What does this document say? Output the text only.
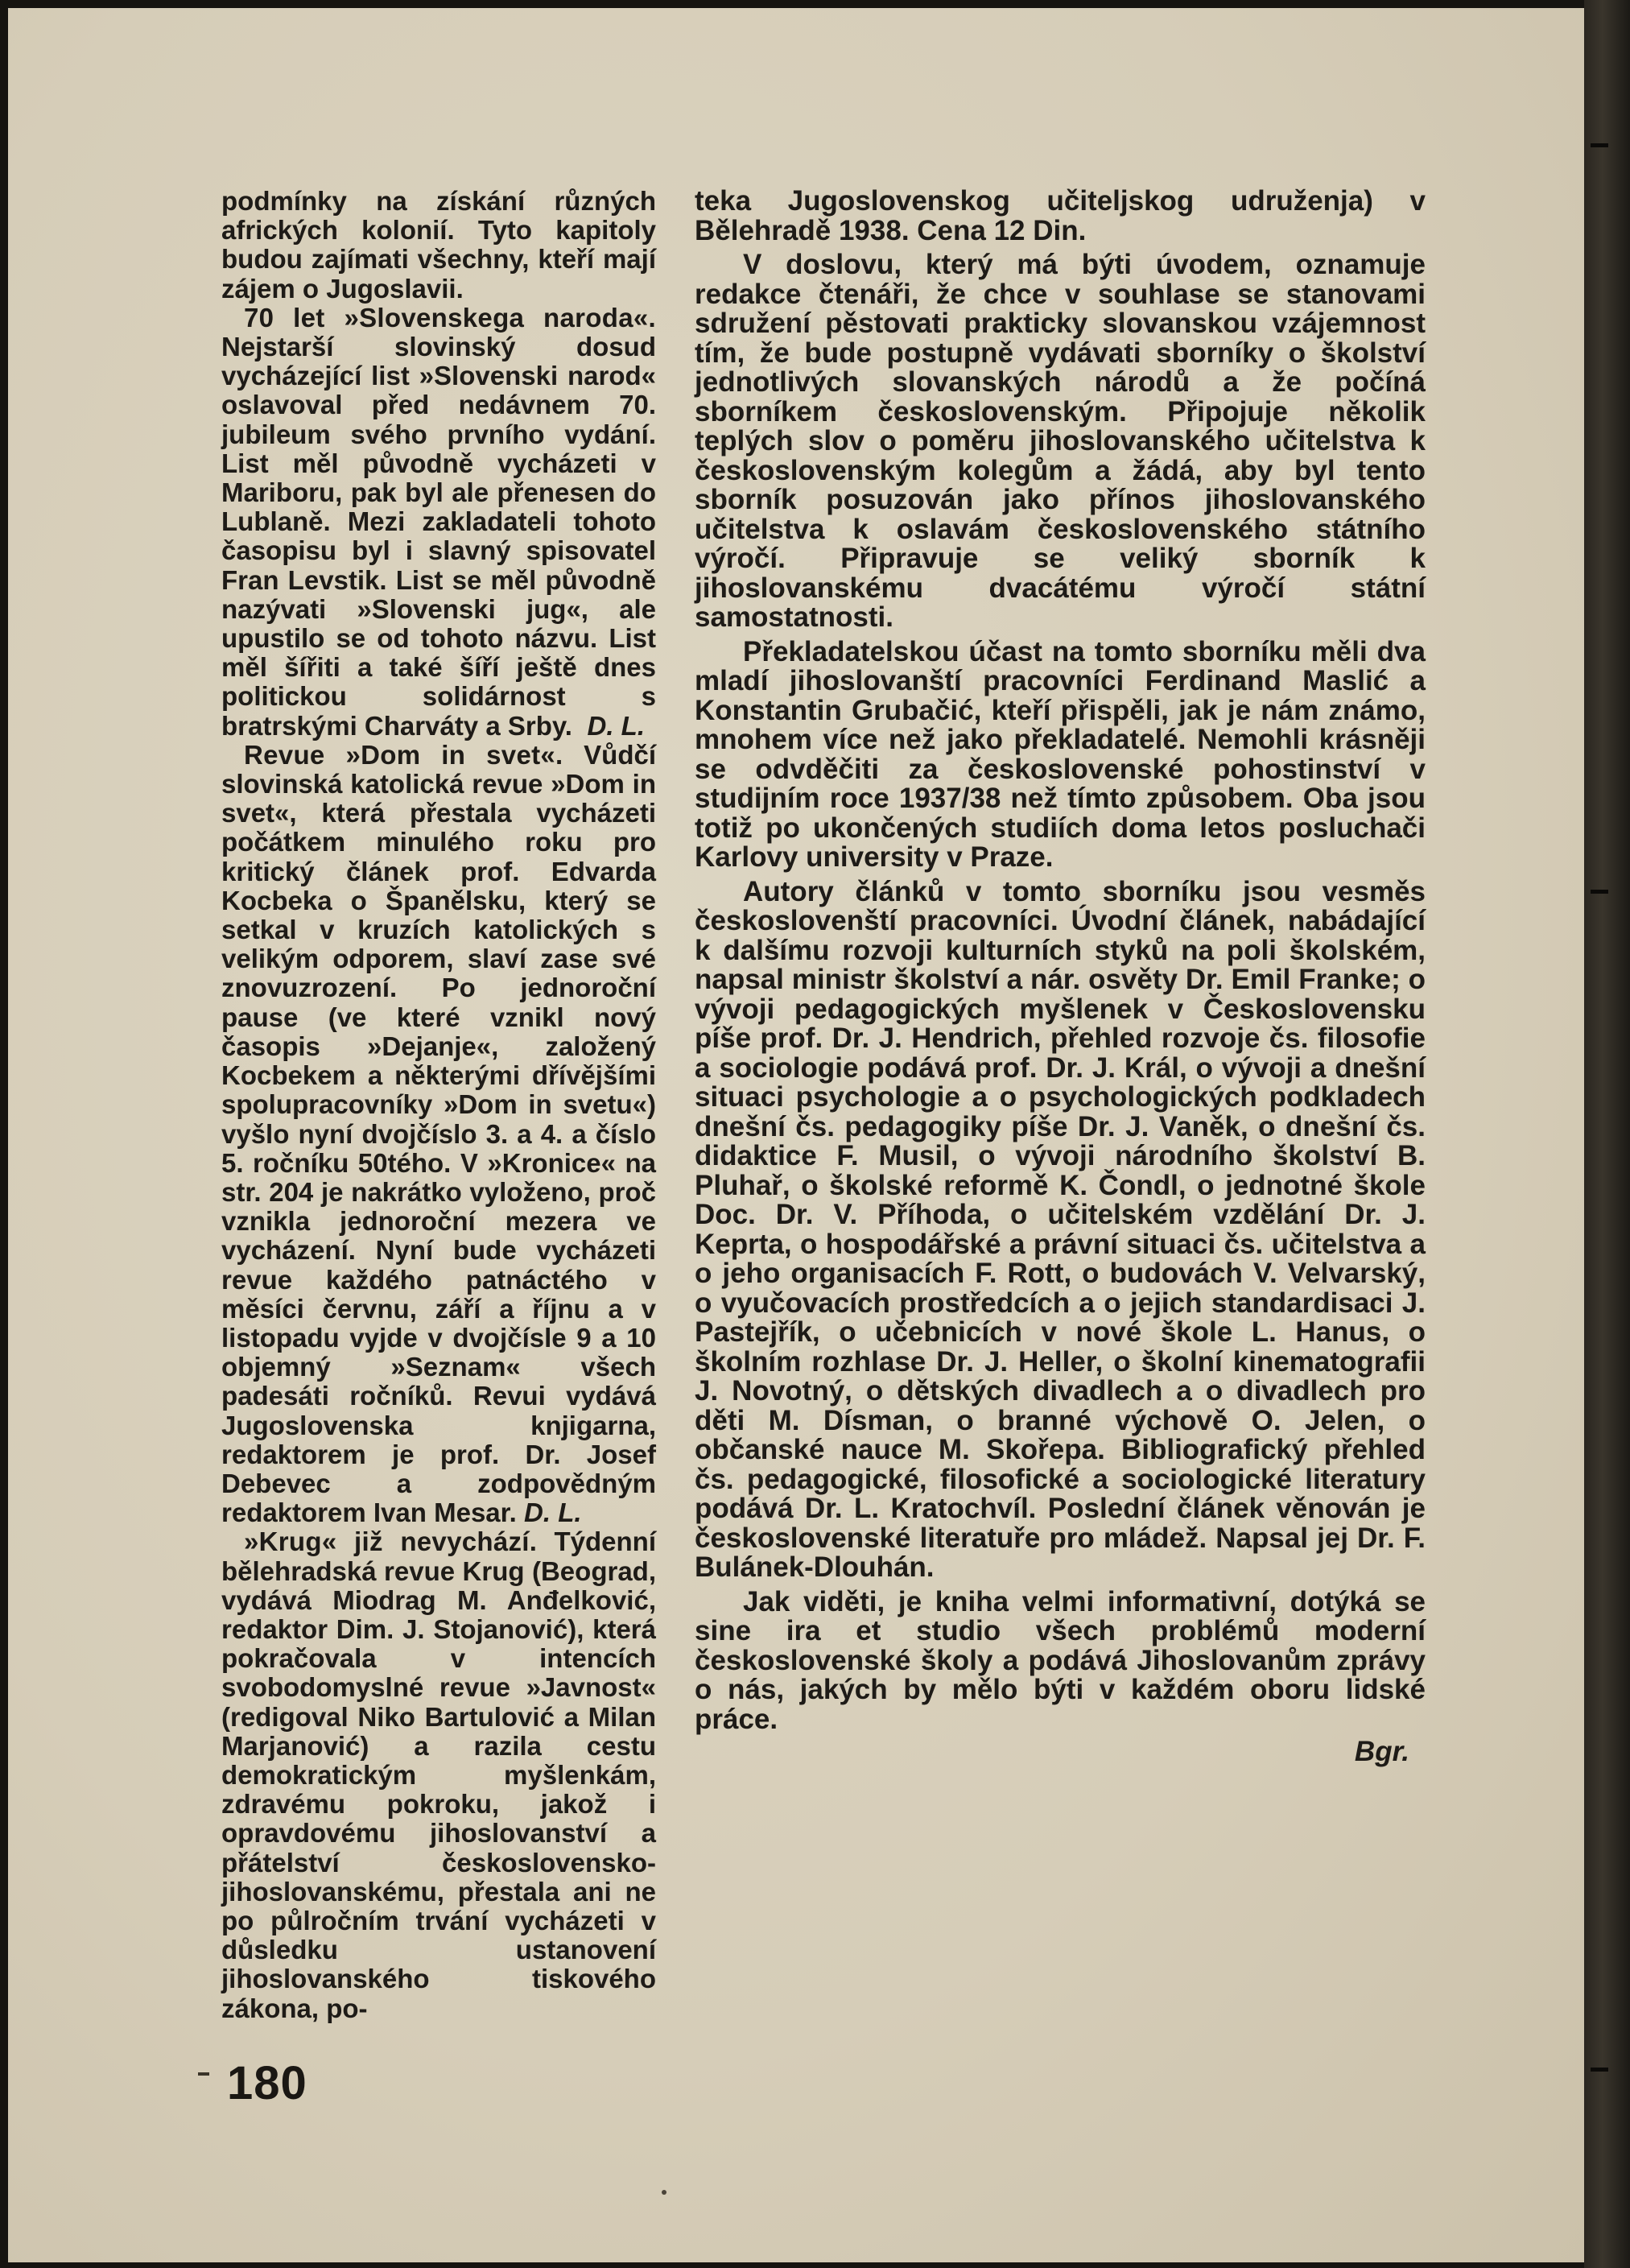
podmínky na získání různých afrických kolonií. Tyto kapitoly budou zajímati všechny, kteří mají zájem o Jugoslavii.

70 let »Slovenskega naroda«. Nejstarší slovinský dosud vycházející list »Slovenski narod« oslavoval před nedávnem 70. jubileum svého prvního vydání. List měl původně vycházeti v Mariboru, pak byl ale přenesen do Lublaně. Mezi zakladateli tohoto časopisu byl i slavný spisovatel Fran Levstik. List se měl původně nazývati »Slovenski jug«, ale upustilo se od tohoto názvu. List měl šířiti a také šíří ještě dnes politickou solidárnost s bratrskými Charváty a Srby. D. L.

Revue »Dom in svet«. Vůdčí slovinská katolická revue »Dom in svet«, která přestala vycházeti počátkem minulého roku pro kritický článek prof. Edvarda Kocbeka o Španělsku, který se setkal v kruzích katolických s velikým odporem, slaví zase své znovuzrození. Po jednoroční pause (ve které vznikl nový časopis »Dejanje«, založený Kocbekem a některými dřívějšími spolupracovníky »Dom in svetu«) vyšlo nyní dvojčíslo 3. a 4. a číslo 5. ročníku 50tého. V »Kronice« na str. 204 je nakrátko vyloženo, proč vznikla jednoroční mezera ve vycházení. Nyní bude vycházeti revue každého patnáctého v měsíci červnu, září a říjnu a v listopadu vyjde v dvojčísle 9 a 10 objemný »Seznam« všech padesáti ročníků. Revui vydává Jugoslovenska knjigarna, redaktorem je prof. Dr. Josef Debevec a zodpovědným redaktorem Ivan Mesar. D. L.

»Krug« již nevychází. Týdenní bělehradská revue Krug (Beograd, vydává Miodrag M. Anđelković, redaktor Dim. J. Stojanović), která pokračovala v intencích svobodomyslné revue »Javnost« (redigoval Niko Bartulović a Milan Marjanović) a razila cestu demokratickým myšlenkám, zdravému pokroku, jakož i opravdovému jihoslovanství a přátelství československo-jihoslovanskému, přestala ani ne po půlročním trvání vycházeti v důsledku ustanovení jihoslovanského tiskového zákona, po-

teka Jugoslovenskog učiteljskog udruženja) v Bělehradě 1938. Cena 12 Din.

V doslovu, který má býti úvodem, oznamuje redakce čtenáři, že chce v souhlase se stanovami sdružení pěstovati prakticky slovanskou vzájemnost tím, že bude postupně vydávati sborníky o školství jednotlivých slovanských národů a že počíná sborníkem československým. Připojuje několik teplých slov o poměru jihoslovanského učitelstva k československým kolegům a žádá, aby byl tento sborník posuzován jako přínos jihoslovanského učitelstva k oslavám československého státního výročí. Připravuje se veliký sborník k jihoslovanskému dvacátému výročí státní samostatnosti.

Překladatelskou účast na tomto sborníku měli dva mladí jihoslovanští pracovníci Ferdinand Maslić a Konstantin Grubačić, kteří přispěli, jak je nám známo, mnohem více než jako překladatelé. Nemohli krásněji se odvděčiti za československé pohostinství v studijním roce 1937/38 než tímto způsobem. Oba jsou totiž po ukončených studiích doma letos posluchači Karlovy university v Praze.

Autory článků v tomto sborníku jsou vesměs českoslovenští pracovníci. Úvodní článek, nabádající k dalšímu rozvoji kulturních styků na poli školském, napsal ministr školství a nár. osvěty Dr. Emil Franke; o vývoji pedagogických myšlenek v Československu píše prof. Dr. J. Hendrich, přehled rozvoje čs. filosofie a sociologie podává prof. Dr. J. Král, o vývoji a dnešní situaci psychologie a o psychologických podkladech dnešní čs. pedagogiky píše Dr. J. Vaněk, o dnešní čs. didaktice F. Musil, o vývoji národního školství B. Pluhař, o školské reformě K. Čondl, o jednotné škole Doc. Dr. V. Příhoda, o učitelském vzdělání Dr. J. Keprta, o hospodářské a právní situaci čs. učitelstva a o jeho organisacích F. Rott, o budovách V. Velvarský, o vyučovacích prostředcích a o jejich standardisaci J. Pastejřík, o učebnicích v nové škole L. Hanus, o školním rozhlase Dr. J. Heller, o školní kinematografii J. Novotný, o dětských divadlech a o divadlech pro děti M. Dísman, o branné výchově O. Jelen, o občanské nauce M. Skořepa. Bibliografický přehled čs. pedagogické, filosofické a sociologické literatury podává Dr. L. Kratochvíl. Poslední článek věnován je československé literatuře pro mládež. Napsal jej Dr. F. Bulánek-Dlouhán.

Jak viděti, je kniha velmi informativní, dotýká se sine ira et studio všech problémů moderní československé školy a podává Jihoslovanům zprávy o nás, jakých by mělo býti v každém oboru lidské práce.

Bgr.
180
